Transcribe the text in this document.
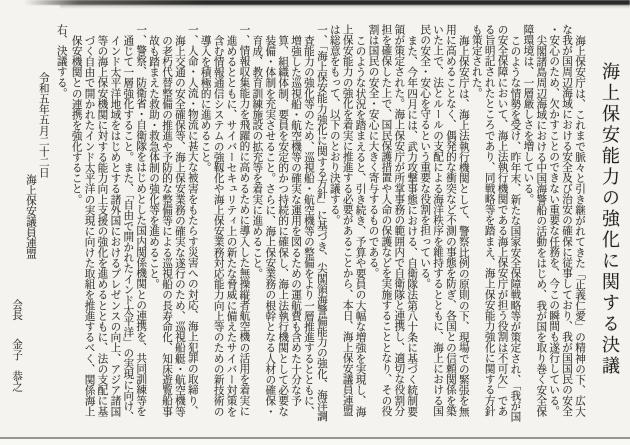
海上保安能力の強化に関する決議

海上保安庁は、これまで脈々と引き継がれてきた「正義仁愛」の精神の下、広大な我が国周辺海域における安全及び治安の確保に従事しており、我が国国民の安全・安心のため、欠かすことのできない重要な任務を、今この瞬間も遂行している。

尖閣諸島周辺海域における中国海警船の活動をはじめ、我が国を取り巻く安全保障環境は、一層厳しさを増している。

このような情勢を受け、昨年末、新たな国家安全保障戦略等が策定され、「我が国の安全保障において、海上法執行機関である海上保安庁が担う役割は不可欠」である旨明記されたところであり、同戦略等を踏まえ、海上保安能力強化に関する方針も策定された。

海上保安庁は、海上法執行機関として、警察比例の原則の下、現場での緊張を無用に高めることなく、偶発的な衝突など不測の事態を防ぎ、各国との信頼関係を築いた上で、法とルールの支配による海洋秩序を維持するとともに、海上における国民の安全・安心を守るという重要な役割を担っている。

また、今年四月には、武力攻撃事態における、自衛隊法第八十条に基づく統制要領が策定された。海上保安庁が所掌事務の範囲内で自衛隊と連携し、適切な役割分担を確保した上で、国民保護措置や人命の保護などを実施することとなり、その役割は国民の安全・安心に大きく寄与するものである。

このような状況を踏まえると、引き続き、予算や要員の大幅な増強を実現し、海上保安能力の強化を着実に推進する必要があることから、本日、海上保安議員連盟は総意をもって、以下のとおり決議する。

一、「海上保安能力強化に関する方針」に基づき、尖閣領海警備能力の強化、海洋調査能力の強化等のため、巡視船・航空機等の整備をより一層推進するとともに、増強した巡視船・航空機等の確実な運用を図るための運航費も含めた十分な予算、組織体制、要員を安定的かつ持続的に確保し、海上法執行機関として必要な装備・体制を充実させること。さらに、海上保安業務の根幹となる人材の確保・育成、教育訓練施設の拡充等を着実に進めること。

一、情報収集能力を飛躍的に高めるために導入した無操縦者航空機の活用を着実に進めるとともに、サイバーセキュリティ上の新たな脅威に備えたサイバー対策を含む情報通信システムの強靱化や海上保安業務対応能力向上等のための新技術の導入を積極的に進めること。

一、人命・人流・物流に甚大な被害をもたらす災害への対応、海上犯罪の取締り、海上交通の安全確保等、海上保安業務の確実な遂行のため、巡視船艇・航空機等の老朽代替整備の推進や予防的な整備等による巡視船の長寿命化、知床遊覧船事故も踏まえた救助・救急体制の強化等を進めること。

一、警察、防衛省・自衛隊をはじめとした国内関係機関との連携を、共同訓練等を通じて一層強化すること。また、「自由で開かれたインド太平洋」の実現に向け、インド太平洋地域をはじめとする諸外国におけるプレゼンスの向上、アジア諸国等の海上保安機関に対する能力向上支援の強化を進めるとともに、法の支配に基づく自由で開かれたインド太平洋の実現に向けた取組を推進するべく、関係海上保安機関との連携を強化すること。

右、決議する。

令和五年五月二十二日

海上保安議員連盟

会長 金子　恭之
